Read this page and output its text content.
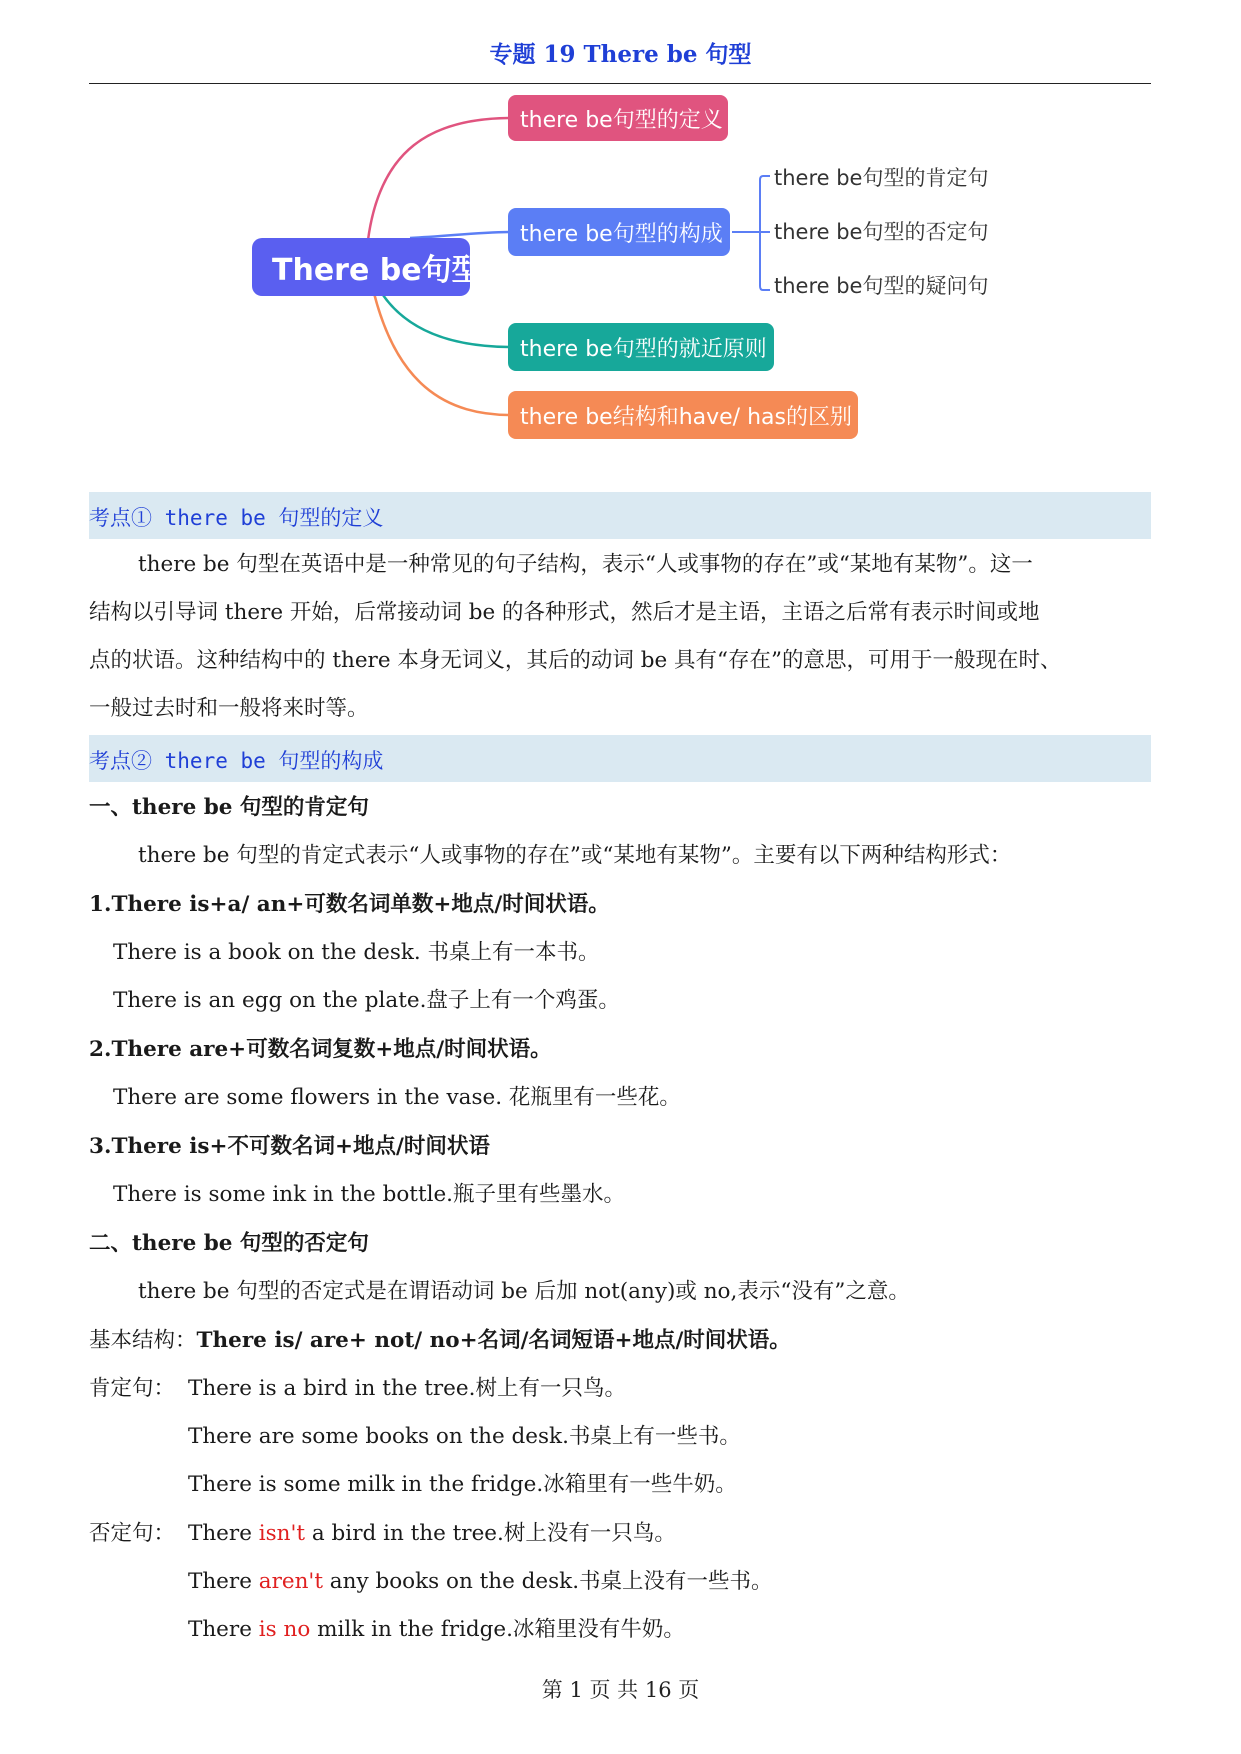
专题 19 There be 句型
There be句型
there be句型的定义
there be句型的构成
there be句型的肯定句
there be句型的否定句
there be句型的疑问句
there be句型的就近原则
there be结构和have/ has的区别
考点① there be 句型的定义
there be 句型在英语中是一种常见的句子结构，表示“人或事物的存在”或“某地有某物”。这一
结构以引导词 there 开始，后常接动词 be 的各种形式，然后才是主语，主语之后常有表示时间或地
点的状语。这种结构中的 there 本身无词义，其后的动词 be 具有“存在”的意思，可用于一般现在时、
一般过去时和一般将来时等。
考点② there be 句型的构成
一、there be 句型的肯定句
there be 句型的肯定式表示“人或事物的存在”或“某地有某物”。主要有以下两种结构形式：
1.There is+a/ an+可数名词单数+地点/时间状语。
There is a book on the desk. 书桌上有一本书。
There is an egg on the plate.盘子上有一个鸡蛋。
2.There are+可数名词复数+地点/时间状语。
There are some flowers in the vase. 花瓶里有一些花。
3.There is+不可数名词+地点/时间状语
There is some ink in the bottle.瓶子里有些墨水。
二、there be 句型的否定句
there be 句型的否定式是在谓语动词 be 后加 not(any)或 no,表示“没有”之意。
基本结构：There is/ are+ not/ no+名词/名词短语+地点/时间状语。
肯定句： There is a bird in the tree.树上有一只鸟。
There are some books on the desk.书桌上有一些书。
There is some milk in the fridge.冰箱里有一些牛奶。
否定句： There isn't a bird in the tree.树上没有一只鸟。
There aren't any books on the desk.书桌上没有一些书。
There is no milk in the fridge.冰箱里没有牛奶。
第 1 页 共 16 页
